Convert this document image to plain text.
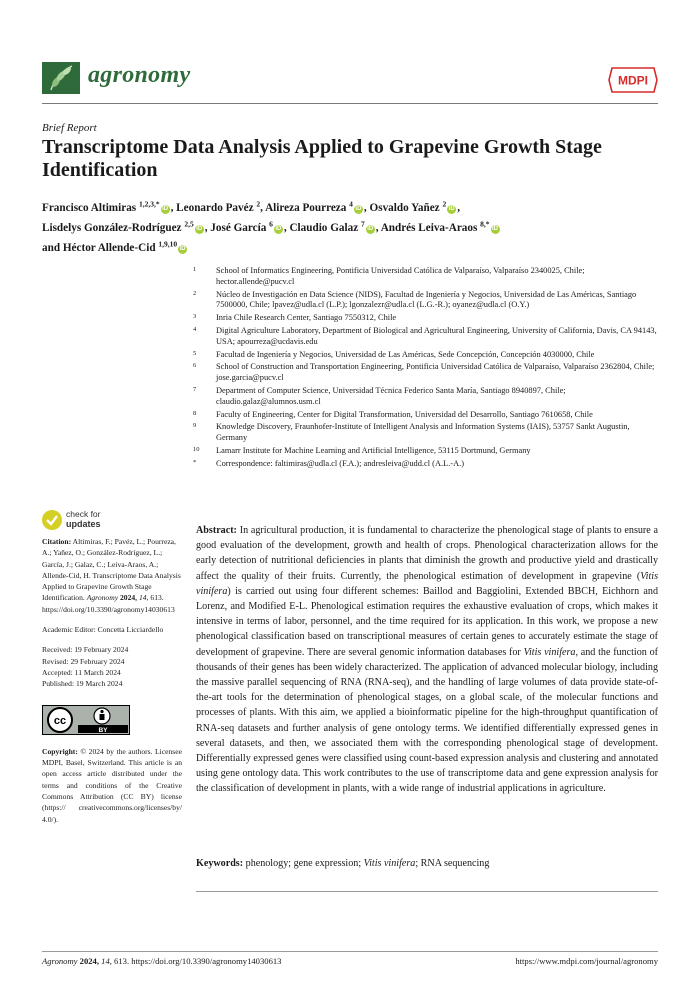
agronomy	MDPI
Brief Report
Transcriptome Data Analysis Applied to Grapevine Growth Stage Identification
Francisco Altimiras $^{1,2,3,*}$iD , Leonardo Pavéz $^2$, Alireza Pourreza $^4$iD , Osvaldo Yañez $^2$iD ,
Lisdelys González-Rodríguez $^{2,5}$iD , José García $^6$iD , Claudio Galaz $^7$iD , Andrés Leiva-Araos $^{8,*}$iD
and Héctor Allende-Cid $^{1,9,10}$iD
1 School of Informatics Engineering, Pontificia Universidad Católica de Valparaíso, Valparaíso 2340025, Chile; hector.allende@pucv.cl
2 Núcleo de Investigación en Data Science (NIDS), Facultad de Ingeniería y Negocios, Universidad de Las Américas, Santiago 7500000, Chile; lpavez@udla.cl (L.P.); lgonzalezr@udla.cl (L.G.-R.); oyanez@udla.cl (O.Y.)
3 Inria Chile Research Center, Santiago 7550312, Chile
4 Digital Agriculture Laboratory, Department of Biological and Agricultural Engineering, University of California, Davis, CA 94143, USA; apourreza@ucdavis.edu
5 Facultad de Ingeniería y Negocios, Universidad de Las Américas, Sede Concepción, Concepción 4030000, Chile
6 School of Construction and Transportation Engineering, Pontificia Universidad Católica de Valparaíso, Valparaíso 2362804, Chile; jose.garcia@pucv.cl
7 Department of Computer Science, Universidad Técnica Federico Santa María, Santiago 8940897, Chile; claudio.galaz@alumnos.usm.cl
8 Faculty of Engineering, Center for Digital Transformation, Universidad del Desarrollo, Santiago 7610658, Chile
9 Knowledge Discovery, Fraunhofer-Institute of Intelligent Analysis and Information Systems (IAIS), 53757 Sankt Augustin, Germany
10 Lamarr Institute for Machine Learning and Artificial Intelligence, 53115 Dortmund, Germany
* Correspondence: faltimiras@udla.cl (F.A.); andresleiva@udd.cl (A.L.-A.)
check for
updates
Citation: Altimiras, F.; Pavéz, L.; Pourreza, A.; Yañez, O.; González-Rodríguez, L.; García, J.; Galaz, C.; Leiva-Araos, A.; Allende-Cid, H. Transcriptome Data Analysis Applied to Grapevine Growth Stage Identification. Agronomy 2024, 14, 613. https://doi.org/10.3390/agronomy14030613
Academic Editor: Concetta Licciardello
Received: 19 February 2024
Revised: 29 February 2024
Accepted: 11 March 2024
Published: 19 March 2024
cc
BY
Copyright: © 2024 by the authors. Licensee MDPI, Basel, Switzerland. This article is an open access article distributed under the terms and conditions of the Creative Commons Attribution (CC BY) license (https:// creativecommons.org/licenses/by/ 4.0/).
Abstract: In agricultural production, it is fundamental to characterize the phenological stage of plants to ensure a good evaluation of the development, growth and health of crops. Phenological characterization allows for the early detection of nutritional deficiencies in plants that diminish the growth and productive yield and drastically affect the quality of their fruits. Currently, the phenological estimation of development in grapevine (Vitis vinifera) is carried out using four different schemes: Baillod and Baggiolini, Extended BBCH, Eichhorn and Lorenz, and Modified E-L. Phenological estimation requires the exhaustive evaluation of crops, which makes it intensive in terms of labor, personnel, and the time required for its application. In this work, we propose a new phenological classification based on transcriptional measures of certain genes to accurately estimate the stage of development of grapevine. There are several genomic information databases for Vitis vinifera, and the function of thousands of their genes has been widely characterized. The application of advanced molecular biology, including the massive parallel sequencing of RNA (RNA-seq), and the handling of large volumes of data provide state-of-the-art tools for the determination of phenological stages, on a global scale, of the molecular functions and processes of plants. With this aim, we applied a bioinformatic pipeline for the high-throughput quantification of RNA-seq datasets and further analysis of gene ontology terms. We identified differentially expressed genes in several datasets, and then, we associated them with the corresponding phenological stage of development. Differentially expressed genes were classified using count-based expression analysis and clustering and annotated using gene ontology data. This work contributes to the use of transcriptome data and gene expression analysis for the classification of development in plants, with a wide range of industrial applications in agriculture.
Keywords: phenology; gene expression; Vitis vinifera; RNA sequencing
Agronomy 2024, 14, 613. https://doi.org/10.3390/agronomy14030613	https://www.mdpi.com/journal/agronomy
